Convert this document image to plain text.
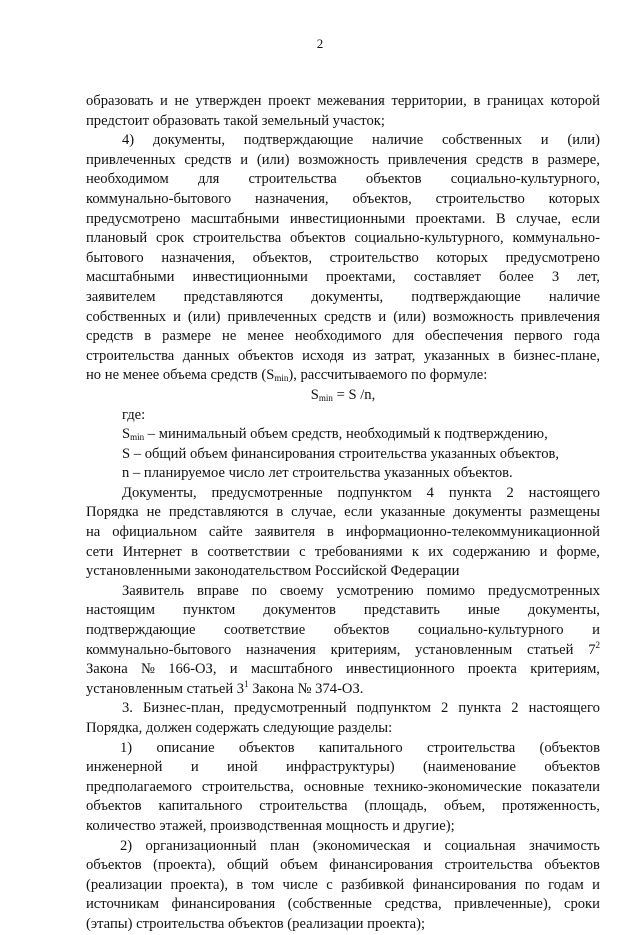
2
образовать и не утвержден проект межевания территории, в границах которой
предстоит образовать такой земельный участок;
4) документы, подтверждающие наличие собственных и (или)
привлеченных средств и (или) возможность привлечения средств в размере,
необходимом для строительства объектов социально-культурного,
коммунально-бытового назначения, объектов, строительство которых
предусмотрено масштабными инвестиционными проектами. В случае, если
плановый срок строительства объектов социально-культурного, коммунально-
бытового назначения, объектов, строительство которых предусмотрено
масштабными инвестиционными проектами, составляет более 3 лет,
заявителем представляются документы, подтверждающие наличие
собственных и (или) привлеченных средств и (или) возможность привлечения
средств в размере не менее необходимого для обеспечения первого года
строительства данных объектов исходя из затрат, указанных в бизнес-плане,
но не менее объема средств $(S_{min})$, рассчитываемого по формуле:
$S_{min} = S$ /n,
где:
$S_{min}$ – минимальный объем средств, необходимый к подтверждению,
S – общий объем финансирования строительства указанных объектов,
n – планируемое число лет строительства указанных объектов.
Документы, предусмотренные подпунктом 4 пункта 2 настоящего
Порядка не представляются в случае, если указанные документы размещены
на официальном сайте заявителя в информационно-телекоммуникационной
сети Интернет в соответствии с требованиями к их содержанию и форме,
установленными законодательством Российской Федерации
Заявитель вправе по своему усмотрению помимо предусмотренных
настоящим пунктом документов представить иные документы,
подтверждающие соответствие объектов социально-культурного и
коммунально-бытового назначения критериям, установленным статьей $7^2$
Закона № 166-ОЗ, и масштабного инвестиционного проекта критериям,
установленным статьей $3^1$ Закона № 374-ОЗ.
3. Бизнес-план, предусмотренный подпунктом 2 пункта 2 настоящего
Порядка, должен содержать следующие разделы:
1) описание объектов капитального строительства (объектов
инженерной и иной инфраструктуры) (наименование объектов
предполагаемого строительства, основные технико-экономические показатели
объектов капитального строительства (площадь, объем, протяженность,
количество этажей, производственная мощность и другие);
2) организационный план (экономическая и социальная значимость
объектов (проекта), общий объем финансирования строительства объектов
(реализации проекта), в том числе с разбивкой финансирования по годам и
источникам финансирования (собственные средства, привлеченные), сроки
(этапы) строительства объектов (реализации проекта);
